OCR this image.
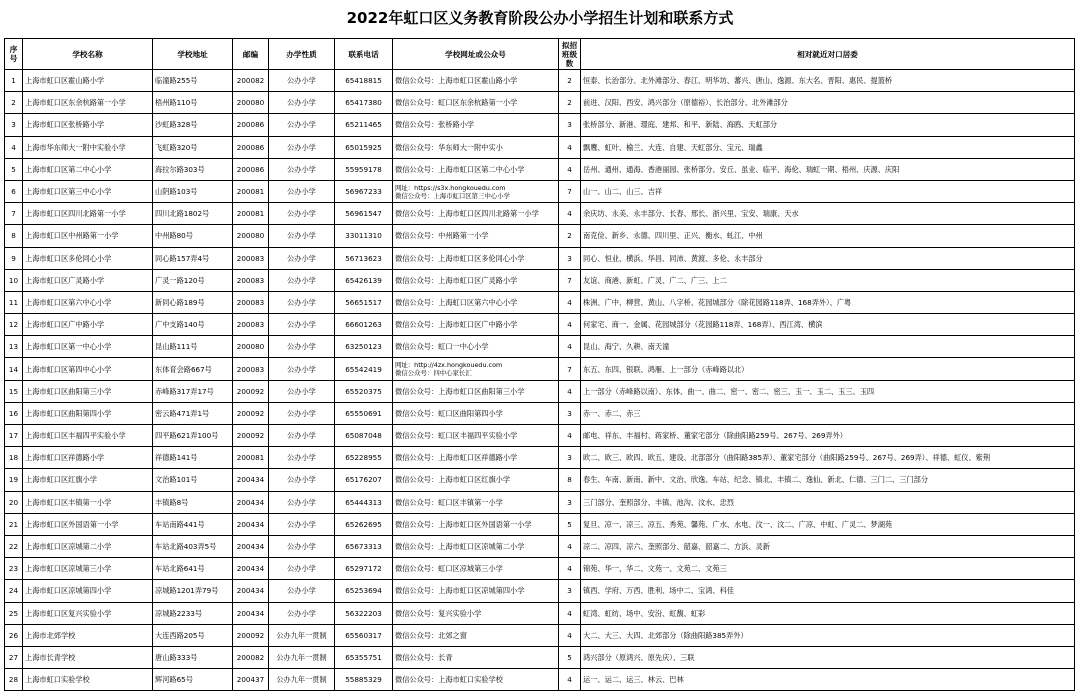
2022年虹口区义务教育阶段公办小学招生计划和联系方式
序号	学校名称	学校地址	邮编	办学性质	联系电话	学校网址或公众号	拟招班级数	相对就近对口居委
1	上海市虹口区霍山路小学	临潼路255号	200082	公办小学	65418815	微信公众号：上海市虹口区霍山路小学	2	恒泰、长治部分、北外滩部分、春江、明华坊、蕃兴、唐山、逸源、东大名、晋阳、惠民、提篮桥
2	上海市虹口区东余杭路第一小学	梧州路110号	200080	公办小学	65417380	微信公众号：虹口区东余杭路第一小学	2	前进、汉阳、西安、鸿兴部分（原德裕）、长治部分、北外滩部分
3	上海市虹口区张桥路小学	沙虹路328号	200086	公办小学	65211465	微信公众号：张桥路小学	3	张桥部分、新港、璟庭、建邦、和平、新陆、海鸥、天虹部分
4	上海市华东师大一附中实验小学	飞虹路320号	200086	公办小学	65015925	微信公众号：华东师大一附中实小	4	飘鹰、虹叶、榆兰、大连、自建、天虹部分、宝元、瑞鑫
5	上海市虹口区第二中心小学	海拉尔路303号	200086	公办小学	55959178	微信公众号：上海市虹口区第二中心小学	4	岳州、通州、通海、香港丽园、张桥部分、安丘、虽业、临平、海伦、瑞虹一期、梧州、庆源、庆阳
6	上海市虹口区第三中心小学	山阴路103号	200081	公办小学	56967233	网址：https://s3x.hongkouedu.com
微信公众号：上海市虹口区第三中心小学	7	山一、山二、山三、吉祥
7	上海市虹口区四川北路第一小学	四川北路1802号	200081	公办小学	56961547	微信公众号：上海市虹口区四川北路第一小学	4	余庆坊、永美、永丰部分、长春、邢长、浙兴里、宝安、瑞康、天水
8	上海市虹口区中州路第一小学	中州路80号	200080	公办小学	33011310	微信公众号：中州路第一小学	2	南克俭、新乡、永德、四川里、正兴、衡水、虬江、中州
9	上海市虹口区多伦同心小学	同心路157弄4号	200083	公办小学	56713623	微信公众号：上海市虹口区多伦同心小学	3	同心、恒业、横浜、华昌、同沛、黄渡、多伦、永丰部分
10	上海市虹口区广灵路小学	广灵一路120号	200083	公办小学	65426139	微信公众号：上海市虹口区广灵路小学	7	友谊、商港、新虹、广灵、广二、广三、上二
11	上海市虹口区第六中心小学	新同心路189号	200083	公办小学	56651517	微信公众号：上海虹口区第六中心小学	4	株洲、广中、柳营、黄山、八字桥、花园城部分（除花园路118弄、168弄外）、广粤
12	上海市虹口区广中路小学	广中支路140号	200083	公办小学	66601263	微信公众号：上海市虹口区广中路小学	4	何家宅、商一、金属、花园城部分（花园路118弄、168弄）、西江湾、横滨
13	上海市虹口区第一中心小学	昆山路111号	200080	公办小学	63250123	微信公众号：虹口一中心小学	4	昆山、海宁、久耕、南天潼
14	上海市虹口区第四中心小学	东体育会路667号	200083	公办小学	65542419	网址：http://4zx.hongkouedu.com
微信公众号：四中心家长汇	7	东五、东四、银联、鸿雁、上一部分（赤峰路以北）
15	上海市虹口区曲阳第三小学	赤峰路317弄17号	200092	公办小学	65520375	微信公众号：上海市虹口区曲阳第三小学	4	上一部分（赤峰路以南）、东体、曲一、曲二、密一、密二、密三、玉一、玉二、玉三、玉四
16	上海市虹口区曲阳第四小学	密云路471弄1号	200092	公办小学	65550691	微信公众号：虹口区曲阳第四小学	3	赤一、赤二、赤三
17	上海市虹口区丰福四平实验小学	四平路621弄100号	200092	公办小学	65087048	微信公众号：虹口区丰福四平实验小学	4	邮电、祥东、丰福村、蒋家桥、董家宅部分（除曲阳路259号、267号、269弄外）
18	上海市虹口区祥德路小学	祥德路141号	200081	公办小学	65228955	微信公众号：上海市虹口区祥德路小学	3	欧二、欧三、欧四、欧五、建设、北部部分（曲阳路385弄）、董家宅部分（曲阳路259号、267号、269弄）、祥德、虹仪、紫荆
19	上海市虹口区红旗小学	文治路101号	200434	公办小学	65176207	微信公众号：上海市虹口区红旗小学	8	春生、车南、新南、新中、文治、欣逸、车站、纪念、镇北、丰镇二、逸仙、新北、仁德、三门二、三门部分
20	上海市虹口区丰镇第一小学	丰镇路8号	200434	公办小学	65444313	微信公众号：虹口区丰镇第一小学	3	三门部分、奎照部分、丰镇、池沟、汶水、忠烈
21	上海市虹口区外国语第一小学	车站南路441号	200434	公办小学	65262695	微信公众号：上海市虹口区外国语第一小学	5	复旦、凉一、凉三、凉五、秀苑、馨苑、广水、水电、汶一、汶二、广凉、中虹、广灵二、梦湖苑
22	上海市虹口区凉城第二小学	车站北路403弄5号	200434	公办小学	65673313	微信公众号：上海市虹口区凉城第二小学	4	凉二、凉四、凉六、奎照部分、韶嘉、韶嘉二、方浜、灵新
23	上海市虹口区凉城第三小学	车站北路641号	200434	公办小学	65297172	微信公众号：虹口区凉城第三小学	4	锦苑、华一、华二、文苑一、文苑二、文苑三
24	上海市虹口区凉城第四小学	凉城路1201弄79号	200434	公办小学	65253694	微信公众号：上海市虹口区凉城第四小学	3	镇西、学府、万西、胜利、场中二、宝鸿、科佳
25	上海市虹口区复兴实验小学	凉城路2233号	200434	公办小学	56322203	微信公众号：复兴实验小学	4	虹湾、虹纺、场中、安汾、虹馥、虹彩
26	上海市北郊学校	大连西路205号	200092	公办九年一贯制	65560317	微信公众号：北郊之窗	4	大二、大三、大四、北郊部分（除曲阳路385弄外）
27	上海市长青学校	唐山路333号	200082	公办九年一贯制	65355751	微信公众号：长青	5	鸿兴部分（原鸿兴、原先庆）、三联
28	上海市虹口实验学校	辉河路65号	200437	公办九年一贯制	55885329	微信公众号：上海市虹口实验学校	4	运一、运二、运三、林云、巴林
